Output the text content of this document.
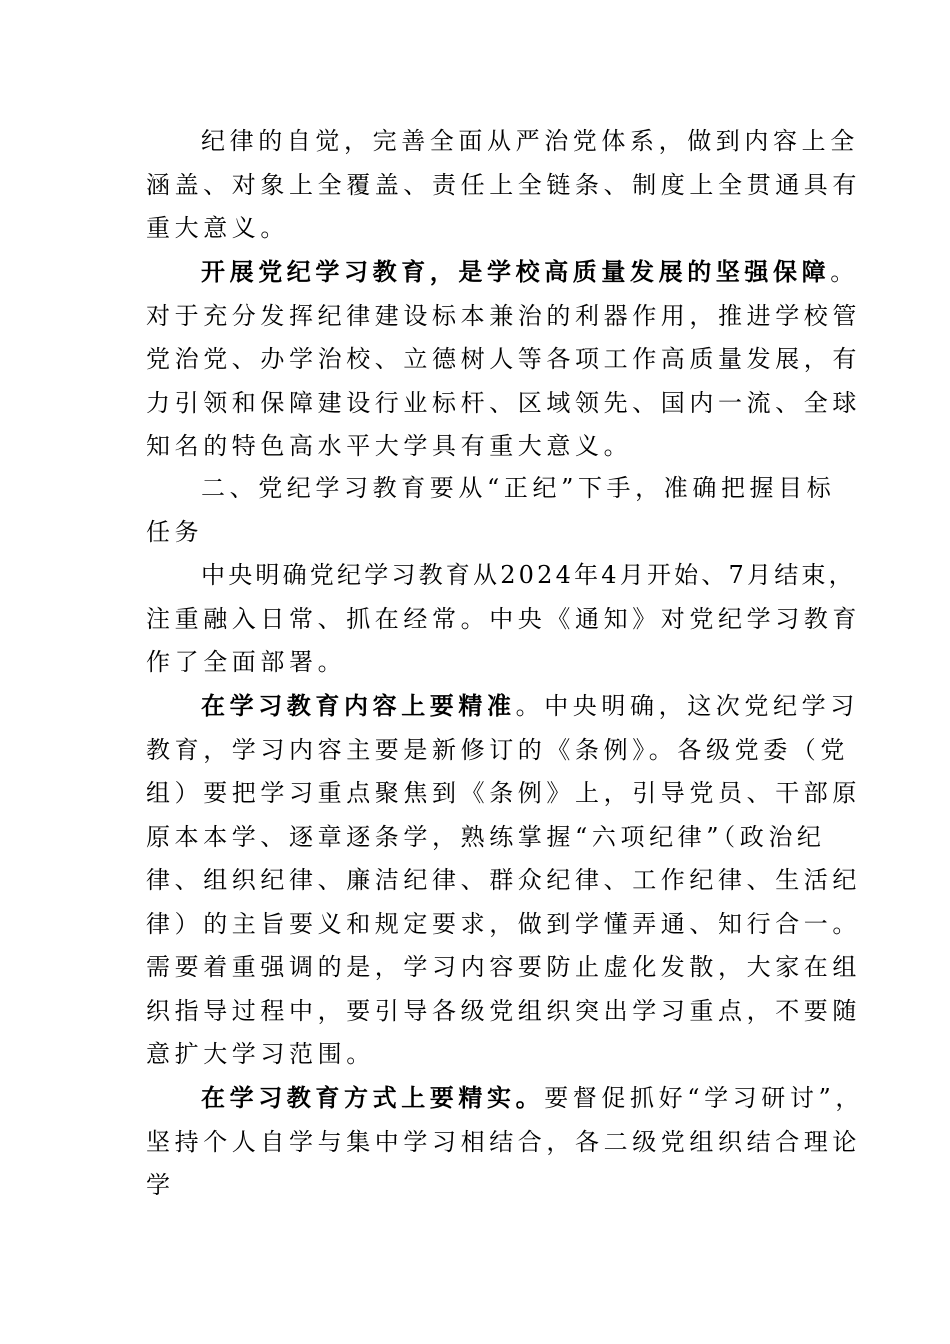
纪律的自觉，完善全面从严治党体系，做到内容上全
涵盖、对象上全覆盖、责任上全链条、制度上全贯通具有
重大意义。
开展党纪学习教育，是学校高质量发展的坚强保障。
对于充分发挥纪律建设标本兼治的利器作用，推进学校管
党治党、办学治校、立德树人等各项工作高质量发展，有
力引领和保障建设行业标杆、区域领先、国内一流、全球
知名的特色高水平大学具有重大意义。
二、党纪学习教育要从“正纪”下手，准确把握目标
任务
中央明确党纪学习教育从2024年4月开始、7月结束，
注重融入日常、抓在经常。中央《通知》对党纪学习教育
作了全面部署。
在学习教育内容上要精准。中央明确，这次党纪学习
教育，学习内容主要是新修订的《条例》。各级党委（党
组）要把学习重点聚焦到《条例》上，引导党员、干部原
原本本学、逐章逐条学，熟练掌握“六项纪律”（政治纪
律、组织纪律、廉洁纪律、群众纪律、工作纪律、生活纪
律）的主旨要义和规定要求，做到学懂弄通、知行合一。
需要着重强调的是，学习内容要防止虚化发散，大家在组
织指导过程中，要引导各级党组织突出学习重点，不要随
意扩大学习范围。
在学习教育方式上要精实。要督促抓好“学习研讨”，
坚持个人自学与集中学习相结合，各二级党组织结合理论
学
